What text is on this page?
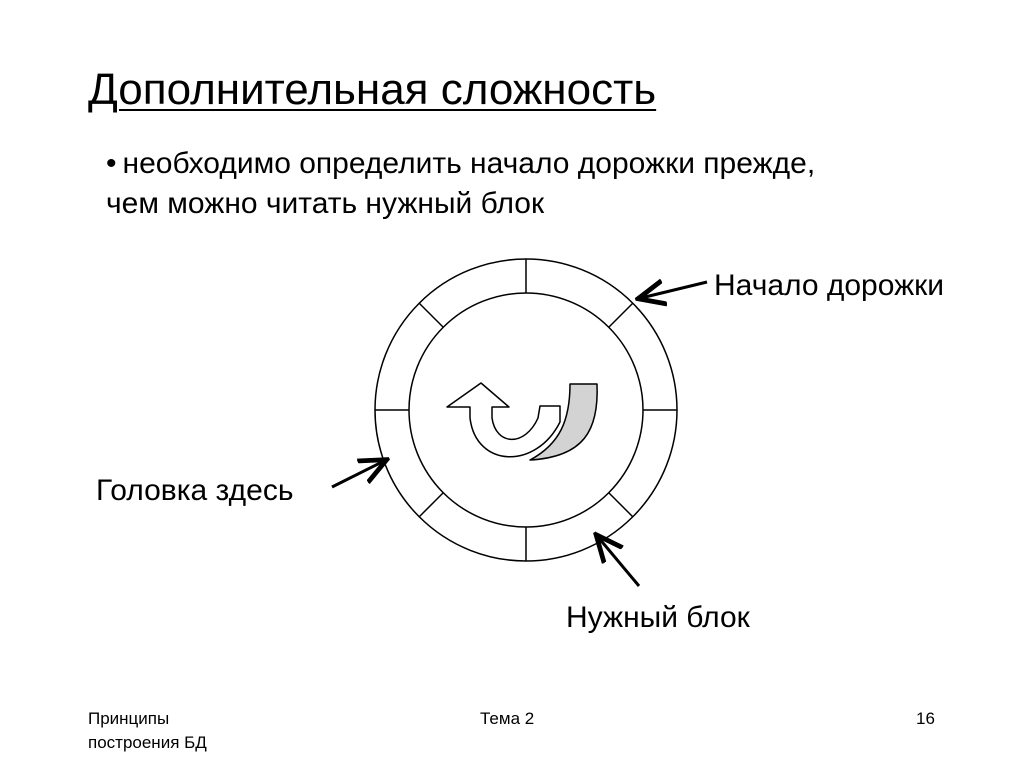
Дополнительная сложность

• необходимо определить начало дорожки прежде, чем можно читать нужный блок

Начало дорожки
Головка здесь
Нужный блок
Принципы
построения БД
Тема 2	16
